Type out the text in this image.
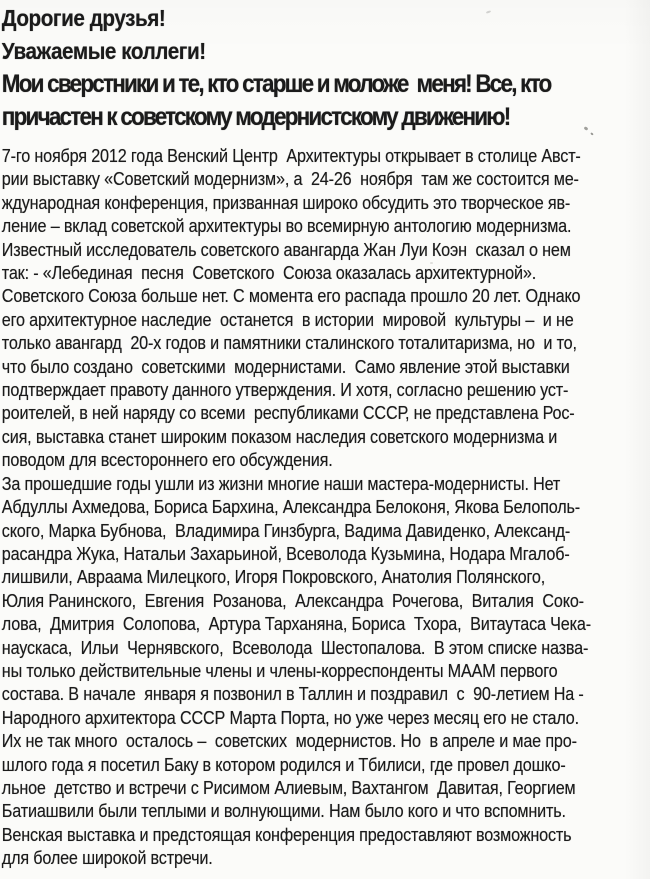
Дорогие друзья!
Уважаемые коллеги!
Мои сверстники и те, кто старше и моложе  меня! Все, кто
причастен к советскому модернистскому движению!
7-го ноября 2012 года Венский Центр  Архитектуры открывает в столице Авст-
рии выставку «Советский модернизм», а  24-26  ноября  там же состоится ме-
ждународная конференция, призванная широко обсудить это творческое яв-
ление – вклад советской архитектуры во всемирную антологию модернизма.
Известный исследователь советского авангарда Жан Луи Коэн  сказал о нем
так: - «Лебединая  песня  Советского  Союза оказалась архитектурной».
Советского Союза больше нет. С момента его распада прошло 20 лет. Однако
его архитектурное наследие  останется  в истории  мировой  культуры –  и не
только авангард  20-х годов и памятники сталинского тоталитаризма, но  и то,
что было создано  советскими  модернистами.  Само явление этой выставки
подтверждает правоту данного утверждения. И хотя, согласно решению уст-
роителей, в ней наряду со всеми  республиками СССР, не представлена Рос-
сия, выставка станет широким показом наследия советского модернизма и
поводом для всестороннего его обсуждения.
За прошедшие годы ушли из жизни многие наши мастера-модернисты. Нет
Абдуллы Ахмедова, Бориса Бархина, Александра Белоконя, Якова Белополь-
ского, Марка Бубнова,  Владимира Гинзбурга, Вадима Давиденко, Александ-
расандра Жука, Натальи Захарьиной, Всеволода Кузьмина, Нодара Мгалоб-
лишвили, Авраама Милецкого, Игоря Покровского, Анатолия Полянского,
Юлия Ранинского,  Евгения  Розанова,  Александра  Рочегова,  Виталия  Соко-
лова,  Дмитрия  Солопова,  Артура Тарханяна, Бориса  Тхора,  Витаутаса Чека-
наускаса,  Ильи  Чернявского,  Всеволода  Шестопалова.  В этом списке назва-
ны только действительные члены и члены-корреспонденты МААМ первого
состава. В начале  января я позвонил в Таллин и поздравил  с  90-летием На -
Народного архитектора СССР Марта Порта, но уже через месяц его не стало.
Их не так много  осталось –  советских  модернистов. Но  в апреле и мае про-
шлого года я посетил Баку в котором родился и Тбилиси, где провел дошко-
льное  детство и встречи с Рисимом Алиевым, Вахтангом  Давитая, Георгием
Батиашвили были теплыми и волнующими. Нам было кого и что вспомнить.
Венская выставка и предстоящая конференция предоставляют возможность
для более широкой встречи.
